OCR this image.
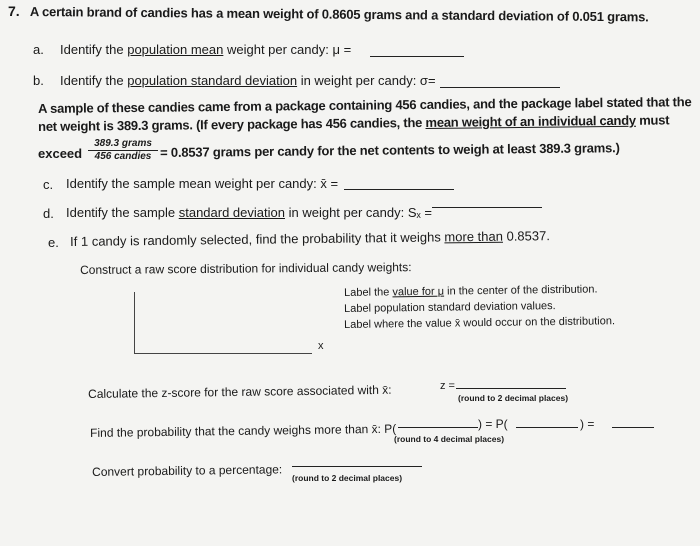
7. A certain brand of candies has a mean weight of 0.8605 grams and a standard deviation of 0.051 grams.
a. Identify the population mean weight per candy: μ =
b. Identify the population standard deviation in weight per candy: σ=
A sample of these candies came from a package containing 456 candies, and the package label stated that the
net weight is 389.3 grams. (If every package has 456 candies, the mean weight of an individual candy must
exceed
389.3 grams
456 candies = 0.8537 grams per candy for the net contents to weigh at least 389.3 grams.)
c. Identify the sample mean weight per candy: x̄ =
d. Identify the sample standard deviation in weight per candy: Sₓ =
e. If 1 candy is randomly selected, find the probability that it weighs more than 0.8537.
Construct a raw score distribution for individual candy weights:
Label the value for μ in the center of the distribution.
Label population standard deviation values.
Label where the value x̄ would occur on the distribution.
x
Calculate the z-score for the raw score associated with x̄:	z =
(round to 2 decimal places)
Find the probability that the candy weighs more than x̄: P(	) = P(	) =
(round to 4 decimal places)
Convert probability to a percentage: (round to 2 decimal places)
